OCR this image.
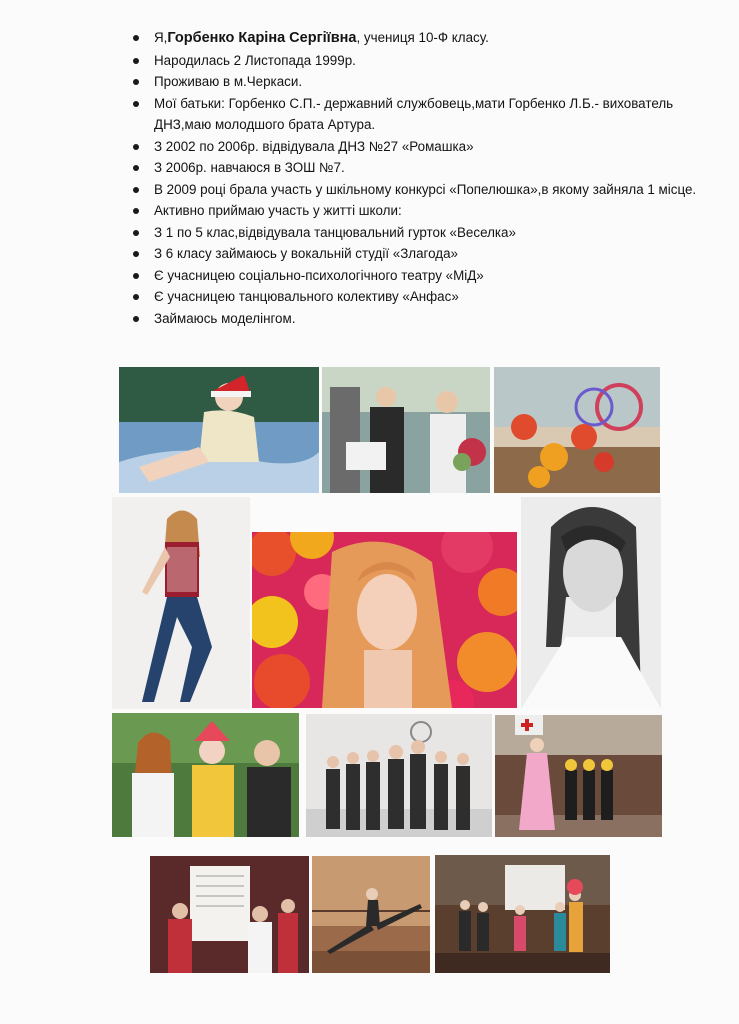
Я,Горбенко Каріна Сергіївна, учениця 10-Ф класу.
Народилась 2 Листопада 1999р.
Проживаю в м.Черкаси.
Мої батьки: Горбенко С.П.- державний службовець,мати Горбенко Л.Б.- вихователь ДНЗ,маю молодшого брата Артура.
З 2002 по 2006р. відвідувала ДНЗ №27 «Ромашка»
З 2006р. навчаюся в ЗОШ №7.
В 2009 році брала участь у шкільному конкурсі «Попелюшка»,в якому зайняла 1 місце.
Активно приймаю участь у житті школи:
З 1 по 5 клас,відвідувала танцювальний гурток «Веселка»
З 6 класу займаюсь у вокальній студії «Злагода»
Є учасницею соціально-психологічного театру «МіД»
Є учасницею танцювального колективу «Анфас»
Займаюсь моделінгом.
